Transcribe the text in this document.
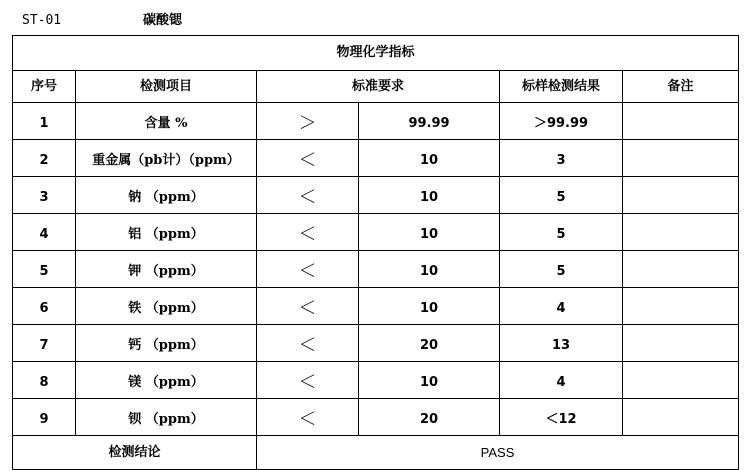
ST-01	碳酸锶
物理化学指标					
序号	检测项目	标准要求		标样检测结果	备注
1	含量 %	＞	99.99	＞99.99	
2	重金属（pb计）（ppm）	＜	10	3	
3	钠 （ppm）	＜	10	5	
4	铝 （ppm）	＜	10	5	
5	钾 （ppm）	＜	10	5	
6	铁 （ppm）	＜	10	4	
7	钙 （ppm）	＜	20	13	
8	镁 （ppm）	＜	10	4	
9	钡 （ppm）	＜	20	＜12	
检测结论		PASS			
